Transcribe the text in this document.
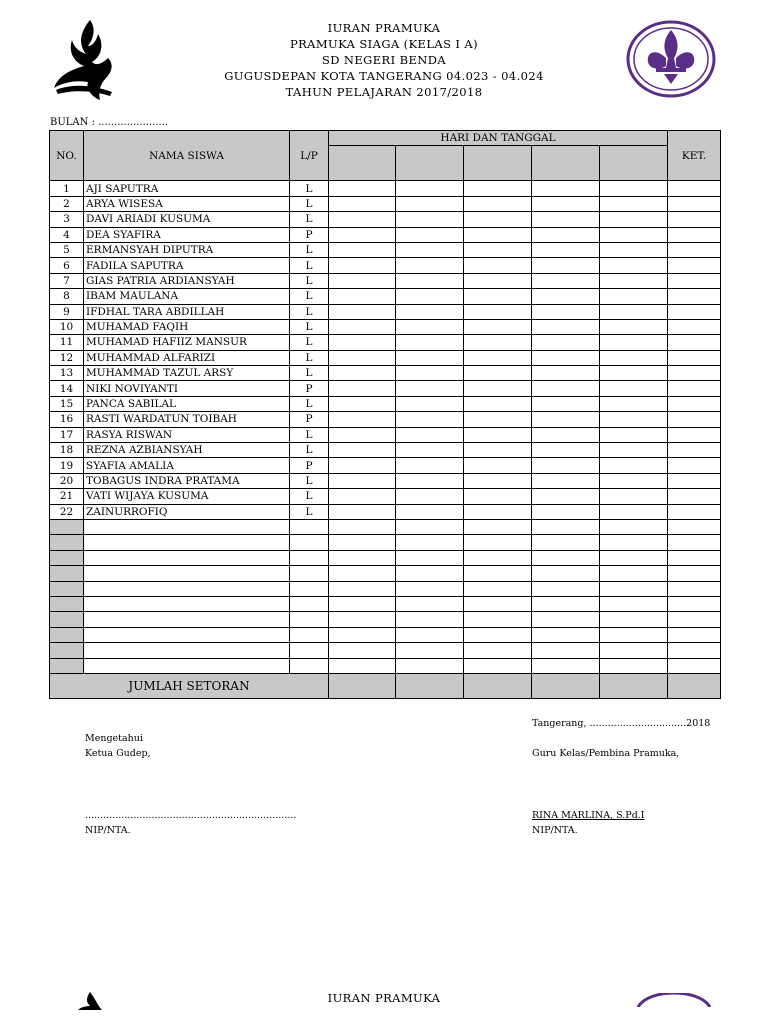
IURAN PRAMUKA
PRAMUKA SIAGA (KELAS I A)
SD NEGERI BENDA
GUGUSDEPAN KOTA TANGERANG 04.023 - 04.024
TAHUN PELAJARAN 2017/2018
BULAN : ......................
NO.	NAMA SISWA	L/P	HARI DAN TANGGAL					KET.

1	AJI SAPUTRA	L						
2	ARYA WISESA	L						
3	DAVI ARIADI KUSUMA	L						
4	DEA SYAFIRA	P						
5	ERMANSYAH DIPUTRA	L						
6	FADILA SAPUTRA	L						
7	GIAS PATRIA ARDIANSYAH	L						
8	IBAM MAULANA	L						
9	IFDHAL TARA ABDILLAH	L						
10	MUHAMAD FAQIH	L						
11	MUHAMAD HAFIIZ MANSUR	L						
12	MUHAMMAD ALFARIZI	L						
13	MUHAMMAD TAZUL ARSY	L						
14	NIKI NOVIYANTI	P						
15	PANCA SABILAL	L						
16	RASTI WARDATUN TOIBAH	P						
17	RASYA RISWAN	L						
18	REZNA AZBIANSYAH	L						
19	SYAFIA AMALIA	P						
20	TOBAGUS INDRA PRATAMA	L						
21	VATI WIJAYA KUSUMA	L						
22	ZAINURROFIQ	L						

JUMLAH SETORAN								
Tangerang, ................................2018
Mengetahui
Ketua Gudep,	Guru Kelas/Pembina Pramuka,
......................................................................	RINA MARLINA, S.Pd.I
NIP/NTA.	NIP/NTA.
IURAN PRAMUKA
